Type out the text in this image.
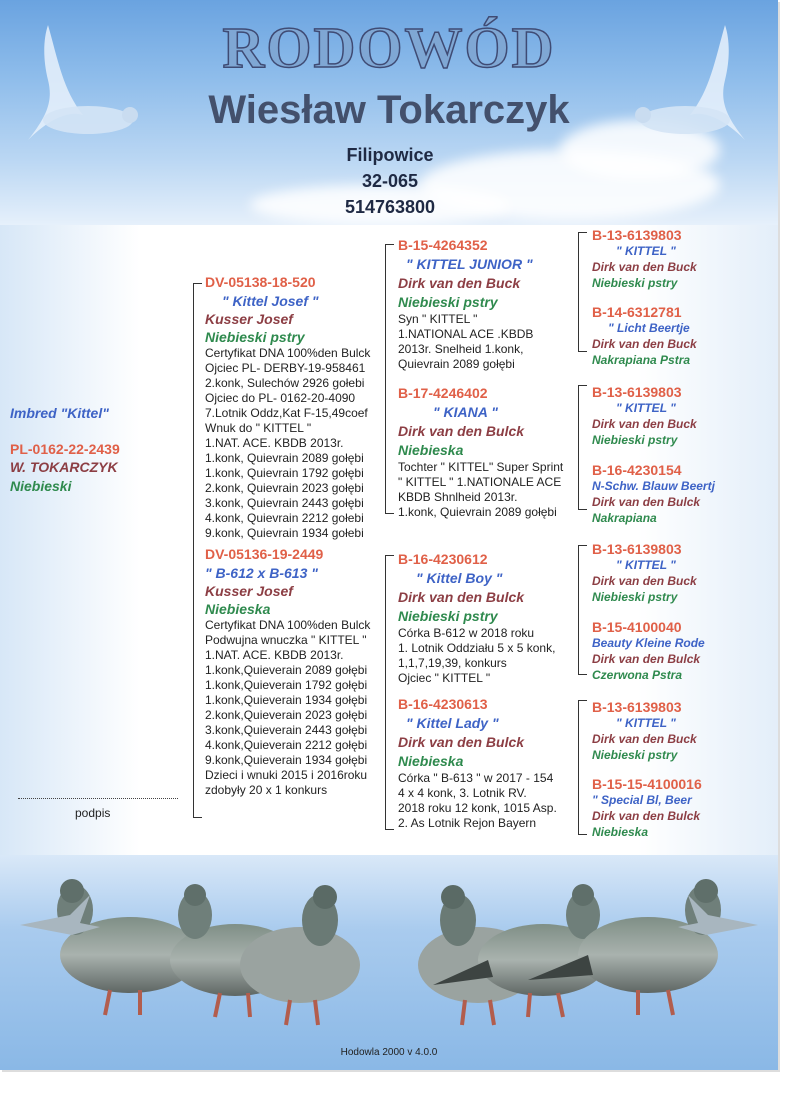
RODOWÓD
Wiesław Tokarczyk
Filipowice
32-065
514763800
Imbred "Kittel"
PL-0162-22-2439
W. TOKARCZYK
Niebieski
podpis
DV-05138-18-520
" Kittel Josef "
Kusser Josef
Niebieski pstry
Certyfikat DNA 100%den Bulck
Ojciec PL- DERBY-19-958461
2.konk, Sulechów 2926 gołebi
Ojciec do PL- 0162-20-4090
7.Lotnik Oddz,Kat F-15,49coef
Wnuk do " KITTEL "
1.NAT. ACE. KBDB 2013r.
1.konk, Quievrain 2089 gołębi
1.konk, Quievrain 1792 gołębi
2.konk, Quievrain 2023 gołębi
3.konk, Quievrain 2443 gołębi
4.konk, Quievrain 2212 gołebi
9.konk, Quievrain 1934 gołebi
DV-05136-19-2449
" B-612 x B-613 "
Kusser Josef
Niebieska
Certyfikat DNA 100%den Bulck
Podwujna wnuczka " KITTEL "
1.NAT. ACE. KBDB 2013r.
1.konk,Quieverain 2089 gołębi
1.konk,Quieverain 1792 gołębi
1.konk,Quieverain 1934 gołębi
2.konk,Quieverain 2023 gołębi
3.konk,Quieverain 2443 gołębi
4.konk,Quieverain 2212 gołębi
9.konk,Quieverain 1934 gołębi
Dzieci i wnuki 2015 i 2016roku
zdobyły 20 x 1 konkurs
B-15-4264352
" KITTEL JUNIOR "
Dirk van den Buck
Niebieski pstry
Syn " KITTEL "
1.NATIONAL ACE .KBDB
2013r. Snelheid 1.konk,
Quievrain 2089 gołębi
B-17-4246402
" KIANA "
Dirk van den Bulck
Niebieska
Tochter " KITTEL" Super Sprint
" KITTEL " 1.NATIONALE ACE
KBDB Shnlheid 2013r.
1.konk, Quievrain 2089 gołębi
B-16-4230612
" Kittel Boy "
Dirk van den Bulck
Niebieski pstry
Córka B-612 w 2018 roku
1. Lotnik Oddziału 5 x 5 konk,
1,1,7,19,39, konkurs
Ojciec " KITTEL "
B-16-4230613
" Kittel Lady "
Dirk van den Bulck
Niebieska
Córka " B-613 " w 2017 - 154
4 x 4 konk, 3. Lotnik RV.
2018 roku 12 konk, 1015 Asp.
2. As Lotnik Rejon Bayern
B-13-6139803
" KITTEL "
Dirk van den Buck
Niebieski pstry
B-14-6312781
" Licht Beertje
Dirk van den Buck
Nakrapiana Pstra
B-13-6139803
" KITTEL "
Dirk van den Buck
Niebieski pstry
B-16-4230154
N-Schw. Blauw Beertj
Dirk van den Bulck
Nakrapiana
B-13-6139803
" KITTEL "
Dirk van den Buck
Niebieski pstry
B-15-4100040
Beauty Kleine Rode
Dirk van den Bulck
Czerwona Pstra
B-13-6139803
" KITTEL "
Dirk van den Buck
Niebieski pstry
B-15-15-4100016
" Special Bl, Beer
Dirk van den Bulck
Niebieska
Hodowla 2000 v 4.0.0
